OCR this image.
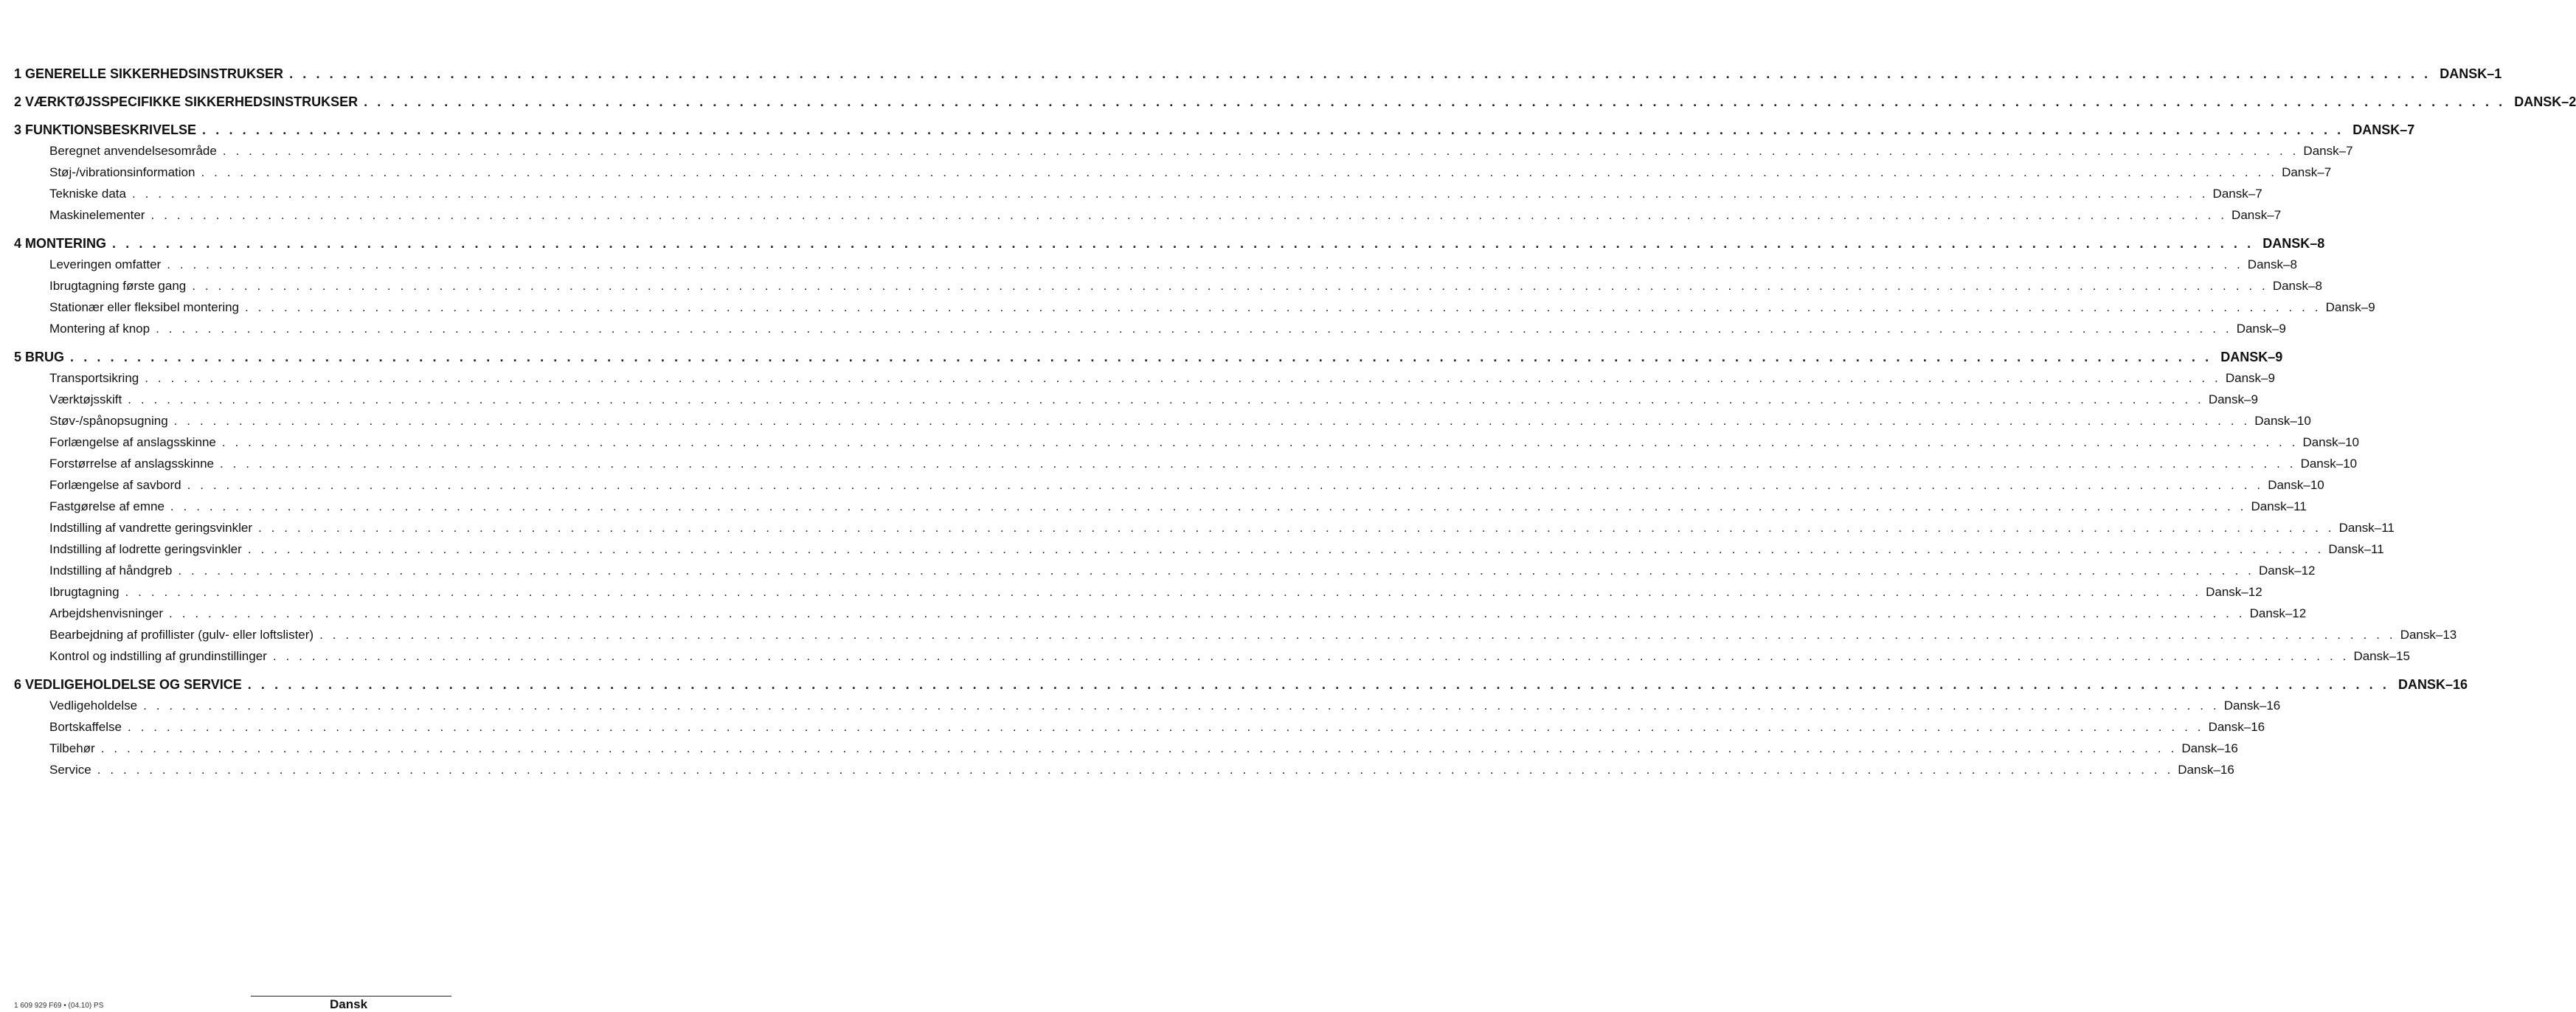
1 GENERELLE SIKKERHEDSINSTRUKSER . . . . . . . . . . . . . . . . . . . . . . . . . . . . . . . . . . . . . . . . . . . . . . . . . . . . . . . . . . . . . . . . . . . . . . . . . . . . . . . . . . . . . . . . . . . . . . . . . . . . . . . . . . . . . . . . . . . . . . . . . . . . . . . . . . . . . . . . . . . . . . . . . . . . . . . . . . . . . . . . DANSK–1
2 VÆRKTØJSSPECIFIKKE SIKKERHEDSINSTRUKSER . . . . . . . . . . . . . . . . . . . . . . . . . . . . . . . . . . . . . . . . . . . . . . . . . . . . . . . . . . . . . . . . . . . . . . . . . . . . . . . . . . . . . . . . . . . . . . . . . . . . . . . . . . . . . . . . . . . . . . . . . . . . . . . . . . . . . . . . . . . . . . . . . . . . . . . . . . . . . . . . DANSK–2
3 FUNKTIONSBESKRIVELSE . . . . . . . . . . . . . . . . . . . . . . . . . . . . . . . . . . . . . . . . . . . . . . . . . . . . . . . . . . . . . . . . . . . . . . . . . . . . . . . . . . . . . . . . . . . . . . . . . . . . . . . . . . . . . . . . . . . . . . . . . . . . . . . . . . . . . . . . . . . . . . . . . . . . . . . . . . . . . . . . DANSK–7
Beregnet anvendelsesområde . . . . . . . . . . . . . . . . . . . . . . . . . . . . . . . . . . . . . . . . . . . . . . . . . . . . . . . . . . . . . . . . . . . . . . . . . . . . . . . . . . . . . . . . . . . . . . . . . . . . . . . . . . . . . . . . . . . . . . . . . . . . . . . . . . . . . . . . . . . . . . . . . . . . . . . . . . . . . . . . Dansk–7
Støj-/vibrationsinformation . . . . . . . . . . . . . . . . . . . . . . . . . . . . . . . . . . . . . . . . . . . . . . . . . . . . . . . . . . . . . . . . . . . . . . . . . . . . . . . . . . . . . . . . . . . . . . . . . . . . . . . . . . . . . . . . . . . . . . . . . . . . . . . . . . . . . . . . . . . . . . . . . . . . . . . . . . . . . . . . Dansk–7
Tekniske data . . . . . . . . . . . . . . . . . . . . . . . . . . . . . . . . . . . . . . . . . . . . . . . . . . . . . . . . . . . . . . . . . . . . . . . . . . . . . . . . . . . . . . . . . . . . . . . . . . . . . . . . . . . . . . . . . . . . . . . . . . . . . . . . . . . . . . . . . . . . . . . . . . . . . . . . . . . . . . . . Dansk–7
Maskinelementer . . . . . . . . . . . . . . . . . . . . . . . . . . . . . . . . . . . . . . . . . . . . . . . . . . . . . . . . . . . . . . . . . . . . . . . . . . . . . . . . . . . . . . . . . . . . . . . . . . . . . . . . . . . . . . . . . . . . . . . . . . . . . . . . . . . . . . . . . . . . . . . . . . . . . . . . . . . . . . . . Dansk–7
4 MONTERING . . . . . . . . . . . . . . . . . . . . . . . . . . . . . . . . . . . . . . . . . . . . . . . . . . . . . . . . . . . . . . . . . . . . . . . . . . . . . . . . . . . . . . . . . . . . . . . . . . . . . . . . . . . . . . . . . . . . . . . . . . . . . . . . . . . . . . . . . . . . . . . . . . . . . . . . . . . . . . . . DANSK–8
Leveringen omfatter . . . . . . . . . . . . . . . . . . . . . . . . . . . . . . . . . . . . . . . . . . . . . . . . . . . . . . . . . . . . . . . . . . . . . . . . . . . . . . . . . . . . . . . . . . . . . . . . . . . . . . . . . . . . . . . . . . . . . . . . . . . . . . . . . . . . . . . . . . . . . . . . . . . . . . . . . . . . . . . . Dansk–8
Ibrugtagning første gang . . . . . . . . . . . . . . . . . . . . . . . . . . . . . . . . . . . . . . . . . . . . . . . . . . . . . . . . . . . . . . . . . . . . . . . . . . . . . . . . . . . . . . . . . . . . . . . . . . . . . . . . . . . . . . . . . . . . . . . . . . . . . . . . . . . . . . . . . . . . . . . . . . . . . . . . . . . . . . . . Dansk–8
Stationær eller fleksibel montering . . . . . . . . . . . . . . . . . . . . . . . . . . . . . . . . . . . . . . . . . . . . . . . . . . . . . . . . . . . . . . . . . . . . . . . . . . . . . . . . . . . . . . . . . . . . . . . . . . . . . . . . . . . . . . . . . . . . . . . . . . . . . . . . . . . . . . . . . . . . . . . . . . . . . . . . . . . . . . . . Dansk–9
Montering af knop . . . . . . . . . . . . . . . . . . . . . . . . . . . . . . . . . . . . . . . . . . . . . . . . . . . . . . . . . . . . . . . . . . . . . . . . . . . . . . . . . . . . . . . . . . . . . . . . . . . . . . . . . . . . . . . . . . . . . . . . . . . . . . . . . . . . . . . . . . . . . . . . . . . . . . . . . . . . . . . . Dansk–9
5 BRUG . . . . . . . . . . . . . . . . . . . . . . . . . . . . . . . . . . . . . . . . . . . . . . . . . . . . . . . . . . . . . . . . . . . . . . . . . . . . . . . . . . . . . . . . . . . . . . . . . . . . . . . . . . . . . . . . . . . . . . . . . . . . . . . . . . . . . . . . . . . . . . . . . . . . . . . . . . . . . . . . DANSK–9
Transportsikring . . . . . . . . . . . . . . . . . . . . . . . . . . . . . . . . . . . . . . . . . . . . . . . . . . . . . . . . . . . . . . . . . . . . . . . . . . . . . . . . . . . . . . . . . . . . . . . . . . . . . . . . . . . . . . . . . . . . . . . . . . . . . . . . . . . . . . . . . . . . . . . . . . . . . . . . . . . . . . . . Dansk–9
Værktøjsskift . . . . . . . . . . . . . . . . . . . . . . . . . . . . . . . . . . . . . . . . . . . . . . . . . . . . . . . . . . . . . . . . . . . . . . . . . . . . . . . . . . . . . . . . . . . . . . . . . . . . . . . . . . . . . . . . . . . . . . . . . . . . . . . . . . . . . . . . . . . . . . . . . . . . . . . . . . . . . . . . Dansk–9
Støv-/spånopsugning . . . . . . . . . . . . . . . . . . . . . . . . . . . . . . . . . . . . . . . . . . . . . . . . . . . . . . . . . . . . . . . . . . . . . . . . . . . . . . . . . . . . . . . . . . . . . . . . . . . . . . . . . . . . . . . . . . . . . . . . . . . . . . . . . . . . . . . . . . . . . . . . . . . . . . . . . . . . . . . . Dansk–10
Forlængelse af anslagsskinne . . . . . . . . . . . . . . . . . . . . . . . . . . . . . . . . . . . . . . . . . . . . . . . . . . . . . . . . . . . . . . . . . . . . . . . . . . . . . . . . . . . . . . . . . . . . . . . . . . . . . . . . . . . . . . . . . . . . . . . . . . . . . . . . . . . . . . . . . . . . . . . . . . . . . . . . . . . . . . . . Dansk–10
Forstørrelse af anslagsskinne . . . . . . . . . . . . . . . . . . . . . . . . . . . . . . . . . . . . . . . . . . . . . . . . . . . . . . . . . . . . . . . . . . . . . . . . . . . . . . . . . . . . . . . . . . . . . . . . . . . . . . . . . . . . . . . . . . . . . . . . . . . . . . . . . . . . . . . . . . . . . . . . . . . . . . . . . . . . . . . . Dansk–10
Forlængelse af savbord . . . . . . . . . . . . . . . . . . . . . . . . . . . . . . . . . . . . . . . . . . . . . . . . . . . . . . . . . . . . . . . . . . . . . . . . . . . . . . . . . . . . . . . . . . . . . . . . . . . . . . . . . . . . . . . . . . . . . . . . . . . . . . . . . . . . . . . . . . . . . . . . . . . . . . . . . . . . . . . . Dansk–10
Fastgørelse af emne . . . . . . . . . . . . . . . . . . . . . . . . . . . . . . . . . . . . . . . . . . . . . . . . . . . . . . . . . . . . . . . . . . . . . . . . . . . . . . . . . . . . . . . . . . . . . . . . . . . . . . . . . . . . . . . . . . . . . . . . . . . . . . . . . . . . . . . . . . . . . . . . . . . . . . . . . . . . . . . . Dansk–11
Indstilling af vandrette geringsvinkler . . . . . . . . . . . . . . . . . . . . . . . . . . . . . . . . . . . . . . . . . . . . . . . . . . . . . . . . . . . . . . . . . . . . . . . . . . . . . . . . . . . . . . . . . . . . . . . . . . . . . . . . . . . . . . . . . . . . . . . . . . . . . . . . . . . . . . . . . . . . . . . . . . . . . . . . . . . . . . . . Dansk–11
Indstilling af lodrette geringsvinkler . . . . . . . . . . . . . . . . . . . . . . . . . . . . . . . . . . . . . . . . . . . . . . . . . . . . . . . . . . . . . . . . . . . . . . . . . . . . . . . . . . . . . . . . . . . . . . . . . . . . . . . . . . . . . . . . . . . . . . . . . . . . . . . . . . . . . . . . . . . . . . . . . . . . . . . . . . . . . . . . Dansk–11
Indstilling af håndgreb . . . . . . . . . . . . . . . . . . . . . . . . . . . . . . . . . . . . . . . . . . . . . . . . . . . . . . . . . . . . . . . . . . . . . . . . . . . . . . . . . . . . . . . . . . . . . . . . . . . . . . . . . . . . . . . . . . . . . . . . . . . . . . . . . . . . . . . . . . . . . . . . . . . . . . . . . . . . . . . . Dansk–12
Ibrugtagning . . . . . . . . . . . . . . . . . . . . . . . . . . . . . . . . . . . . . . . . . . . . . . . . . . . . . . . . . . . . . . . . . . . . . . . . . . . . . . . . . . . . . . . . . . . . . . . . . . . . . . . . . . . . . . . . . . . . . . . . . . . . . . . . . . . . . . . . . . . . . . . . . . . . . . . . . . . . . . . . Dansk–12
Arbejdshenvisninger . . . . . . . . . . . . . . . . . . . . . . . . . . . . . . . . . . . . . . . . . . . . . . . . . . . . . . . . . . . . . . . . . . . . . . . . . . . . . . . . . . . . . . . . . . . . . . . . . . . . . . . . . . . . . . . . . . . . . . . . . . . . . . . . . . . . . . . . . . . . . . . . . . . . . . . . . . . . . . . . Dansk–12
Bearbejdning af profillister (gulv- eller loftslister) . . . . . . . . . . . . . . . . . . . . . . . . . . . . . . . . . . . . . . . . . . . . . . . . . . . . . . . . . . . . . . . . . . . . . . . . . . . . . . . . . . . . . . . . . . . . . . . . . . . . . . . . . . . . . . . . . . . . . . . . . . . . . . . . . . . . . . . . . . . . . . . . . . . . . . . . . . . . . . . . Dansk–13
Kontrol og indstilling af grundinstillinger . . . . . . . . . . . . . . . . . . . . . . . . . . . . . . . . . . . . . . . . . . . . . . . . . . . . . . . . . . . . . . . . . . . . . . . . . . . . . . . . . . . . . . . . . . . . . . . . . . . . . . . . . . . . . . . . . . . . . . . . . . . . . . . . . . . . . . . . . . . . . . . . . . . . . . . . . . . . . . . . Dansk–15
6 VEDLIGEHOLDELSE OG SERVICE . . . . . . . . . . . . . . . . . . . . . . . . . . . . . . . . . . . . . . . . . . . . . . . . . . . . . . . . . . . . . . . . . . . . . . . . . . . . . . . . . . . . . . . . . . . . . . . . . . . . . . . . . . . . . . . . . . . . . . . . . . . . . . . . . . . . . . . . . . . . . . . . . . . . . . . . . . . . . . . . DANSK–16
Vedligeholdelse . . . . . . . . . . . . . . . . . . . . . . . . . . . . . . . . . . . . . . . . . . . . . . . . . . . . . . . . . . . . . . . . . . . . . . . . . . . . . . . . . . . . . . . . . . . . . . . . . . . . . . . . . . . . . . . . . . . . . . . . . . . . . . . . . . . . . . . . . . . . . . . . . . . . . . . . . . . . . . . . Dansk–16
Bortskaffelse . . . . . . . . . . . . . . . . . . . . . . . . . . . . . . . . . . . . . . . . . . . . . . . . . . . . . . . . . . . . . . . . . . . . . . . . . . . . . . . . . . . . . . . . . . . . . . . . . . . . . . . . . . . . . . . . . . . . . . . . . . . . . . . . . . . . . . . . . . . . . . . . . . . . . . . . . . . . . . . . Dansk–16
Tilbehør . . . . . . . . . . . . . . . . . . . . . . . . . . . . . . . . . . . . . . . . . . . . . . . . . . . . . . . . . . . . . . . . . . . . . . . . . . . . . . . . . . . . . . . . . . . . . . . . . . . . . . . . . . . . . . . . . . . . . . . . . . . . . . . . . . . . . . . . . . . . . . . . . . . . . . . . . . . . . . . . Dansk–16
Service . . . . . . . . . . . . . . . . . . . . . . . . . . . . . . . . . . . . . . . . . . . . . . . . . . . . . . . . . . . . . . . . . . . . . . . . . . . . . . . . . . . . . . . . . . . . . . . . . . . . . . . . . . . . . . . . . . . . . . . . . . . . . . . . . . . . . . . . . . . . . . . . . . . . . . . . . . . . . . . . Dansk–16
1 609 929 F69 • (04.10) PS	Dansk
